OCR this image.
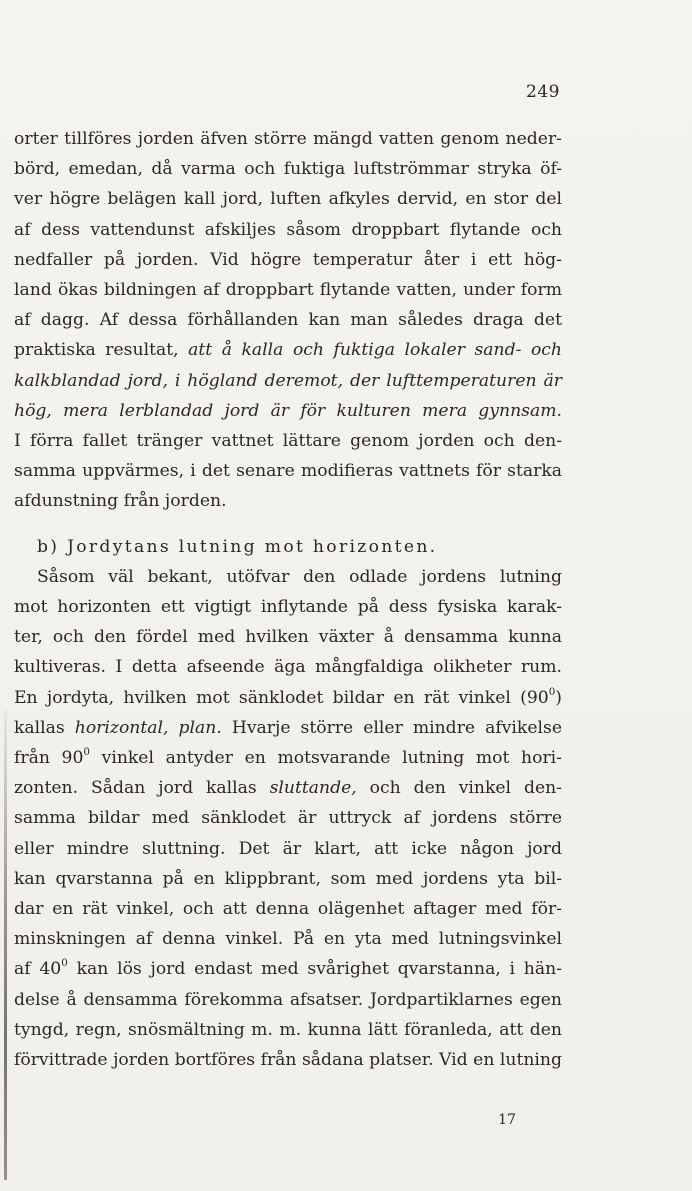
249
orter tillföres jorden äfven större mängd vatten genom neder-
börd, emedan, då varma och fuktiga luftströmmar stryka öf-
ver högre belägen kall jord, luften afkyles dervid, en stor del
af dess vattendunst afskiljes såsom droppbart flytande och
nedfaller på jorden. Vid högre temperatur åter i ett hög-
land ökas bildningen af droppbart flytande vatten, under form
af dagg. Af dessa förhållanden kan man således draga det
praktiska resultat, att å kalla och fuktiga lokaler sand- och
kalkblandad jord, i högland deremot, der lufttemperaturen är
hög, mera lerblandad jord är för kulturen mera gynnsam.
I förra fallet tränger vattnet lättare genom jorden och den-
samma uppvärmes, i det senare modifieras vattnets för starka
afdunstning från jorden.
b) Jordytans lutning mot horizonten.
Såsom väl bekant, utöfvar den odlade jordens lutning
mot horizonten ett vigtigt inflytande på dess fysiska karak-
ter, och den fördel med hvilken växter å densamma kunna
kultiveras. I detta afseende äga mångfaldiga olikheter rum.
En jordyta, hvilken mot sänklodet bildar en rät vinkel $(90^0)$
kallas horizontal, plan. Hvarje större eller mindre afvikelse
från $90^0$ vinkel antyder en motsvarande lutning mot hori-
zonten. Sådan jord kallas sluttande, och den vinkel den-
samma bildar med sänklodet är uttryck af jordens större
eller mindre sluttning. Det är klart, att icke någon jord
kan qvarstanna på en klippbrant, som med jordens yta bil-
dar en rät vinkel, och att denna olägenhet aftager med för-
minskningen af denna vinkel. På en yta med lutningsvinkel
af $40^0$ kan lös jord endast med svårighet qvarstanna, i hän-
delse å densamma förekomma afsatser. Jordpartiklarnes egen
tyngd, regn, snösmältning m. m. kunna lätt föranleda, att den
förvittrade jorden bortföres från sådana platser. Vid en lutning
17
